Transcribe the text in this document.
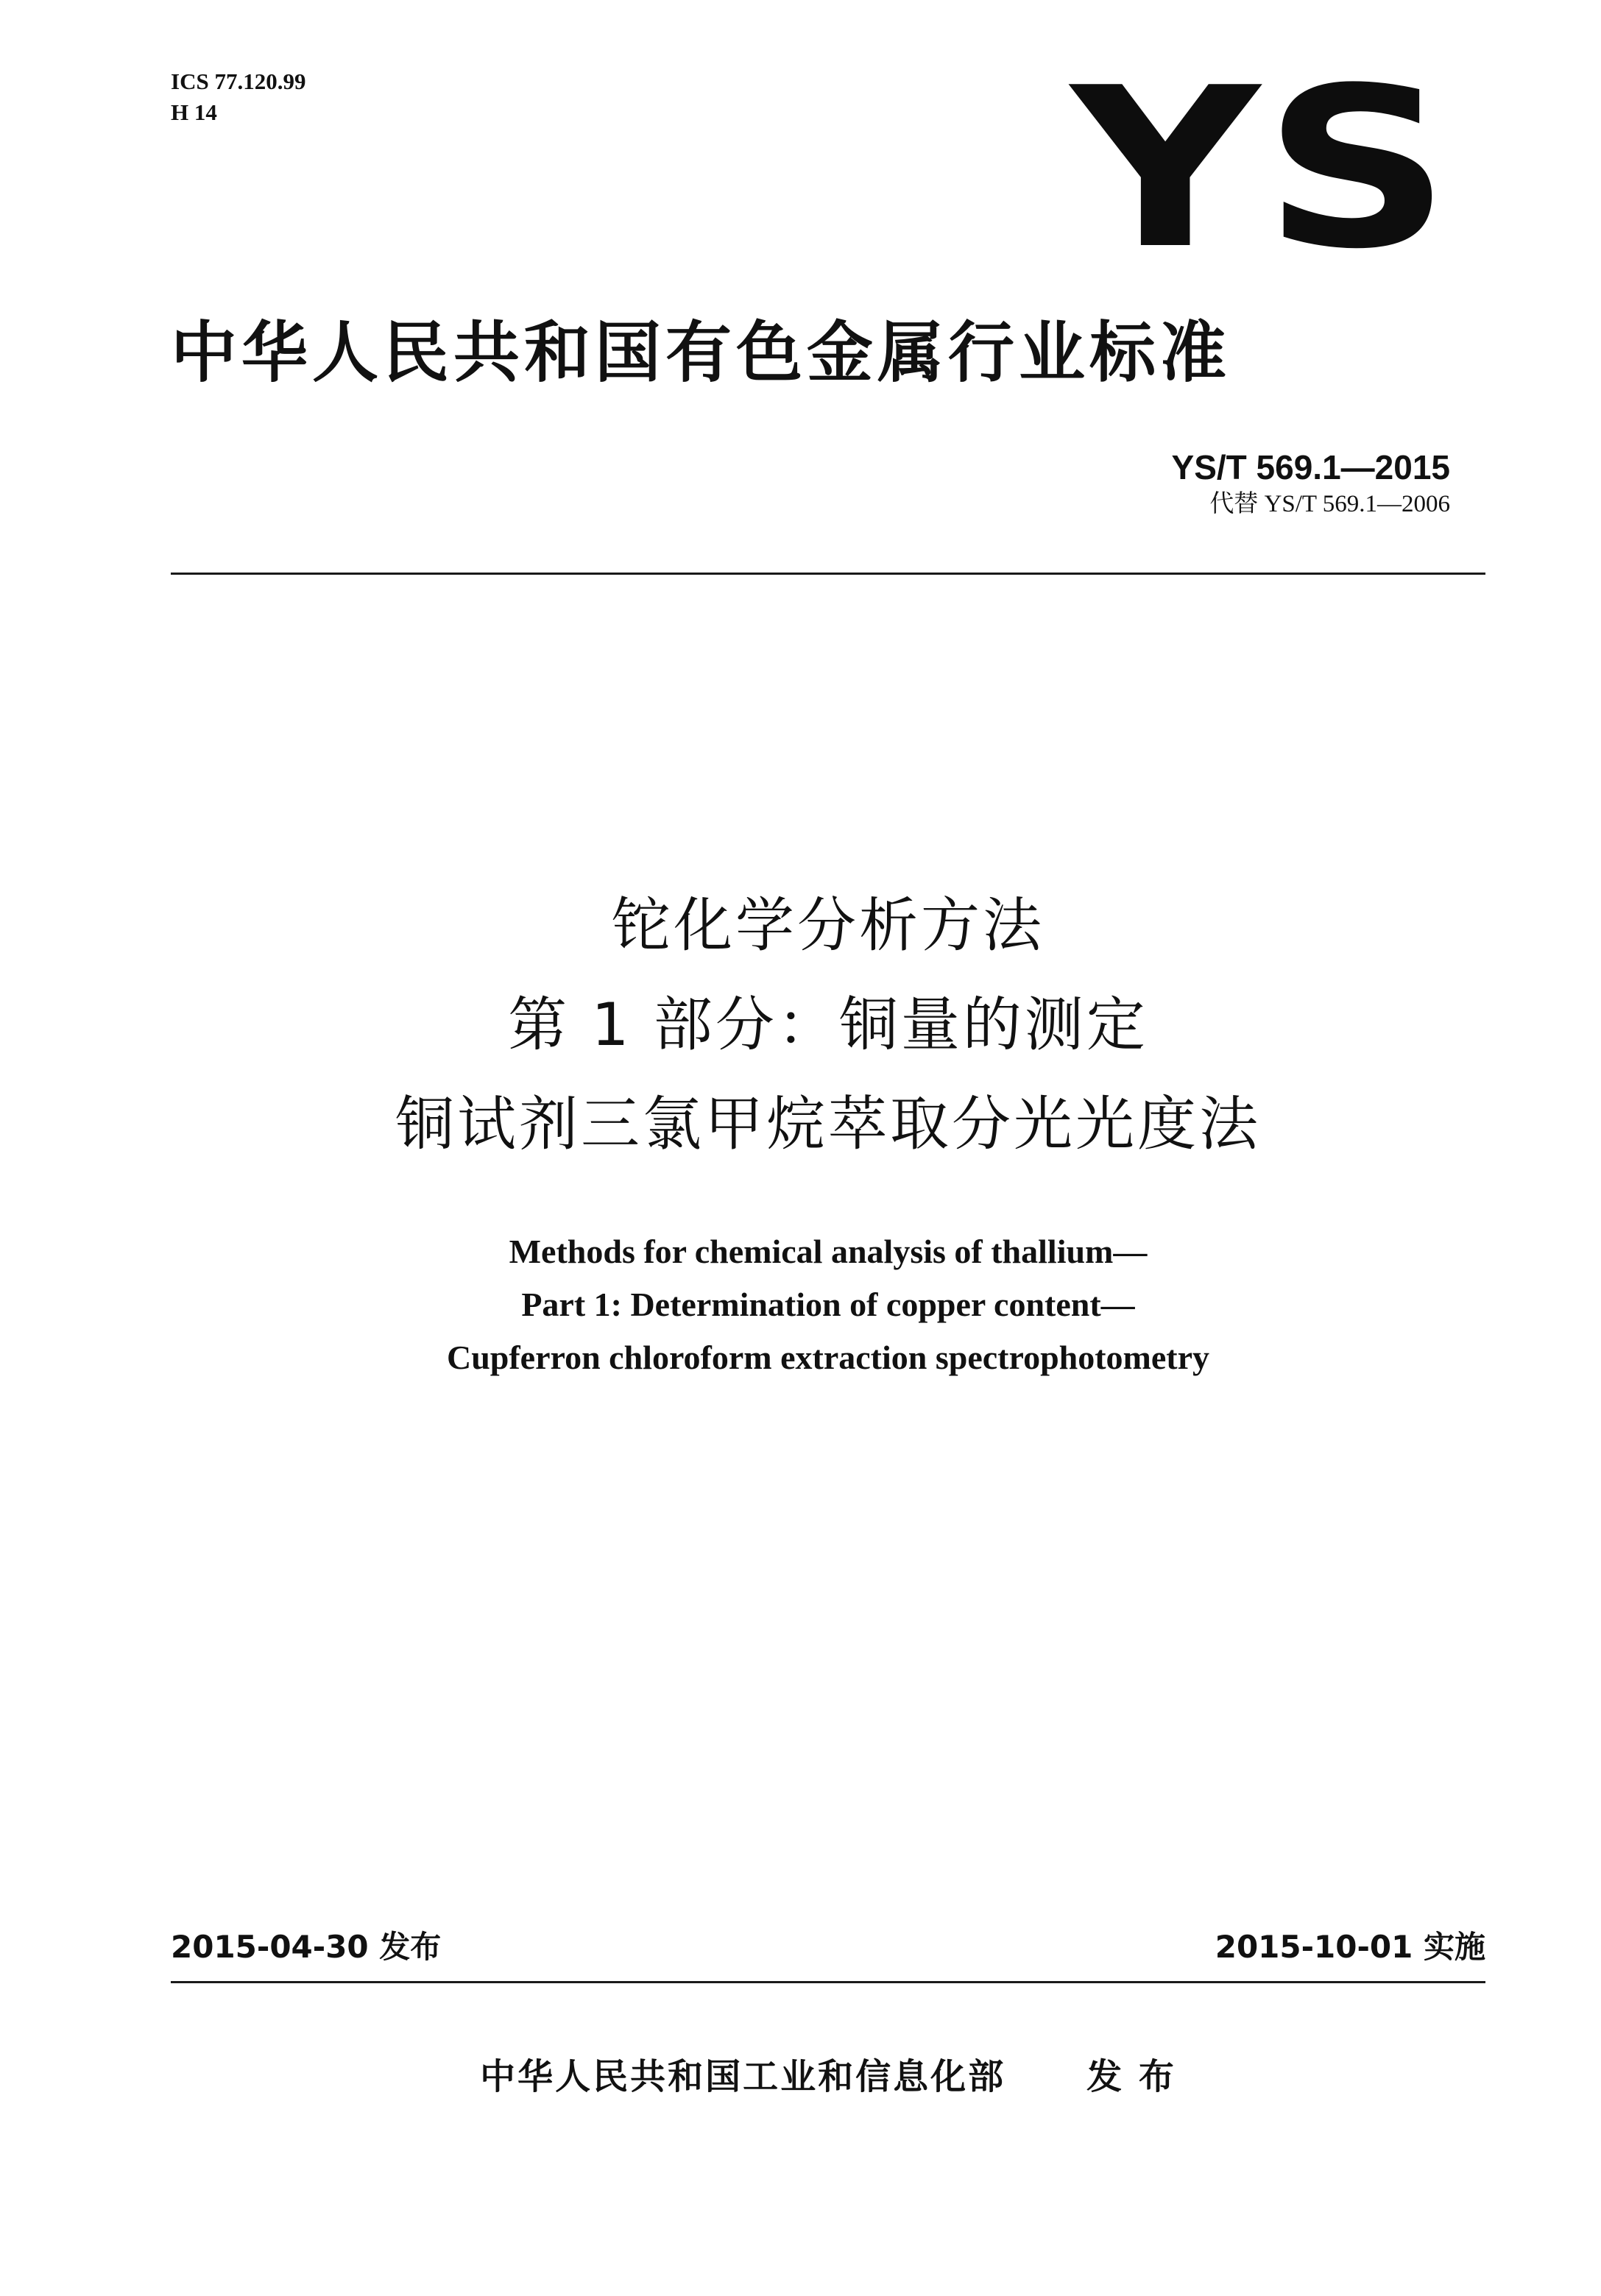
ICS 77.120.99
H 14	YS
中华人民共和国有色金属行业标准
YS/T 569.1—2015
代替 YS/T 569.1—2006
铊化学分析方法
第 1 部分：铜量的测定
铜试剂三氯甲烷萃取分光光度法
Methods for chemical analysis of thallium—
Part 1: Determination of copper content—
Cupferron chloroform extraction spectrophotometry
2015-04-30 发布	2015-10-01 实施
中华人民共和国工业和信息化部 发 布
